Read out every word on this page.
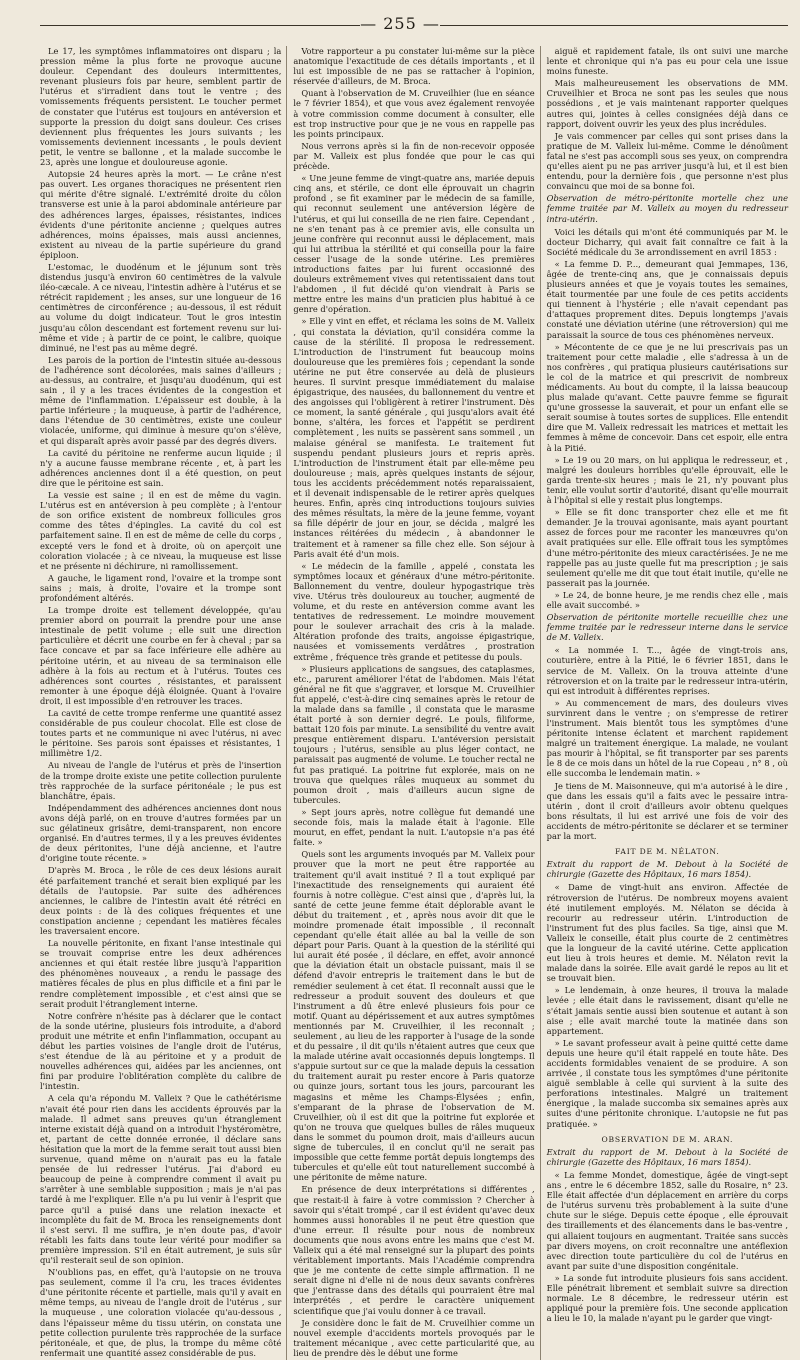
— 255 —

Le 17, les symptômes inflammatoires ont disparu ; la pression même la plus forte ne provoque aucune douleur. Cependant des douleurs intermittentes, revenant plusieurs fois par heure, semblent partir de l'utérus et s'irradient dans tout le ventre ; des vomissements fréquents persistent. Le toucher permet de constater que l'utérus est toujours en antéversion et supporte la pression du doigt sans douleur. Ces crises deviennent plus fréquentes les jours suivants ; les vomissements deviennent incessants , le pouls devient petit, le ventre se ballonne , et la malade succombe le 23, après une longue et douloureuse agonie.

Autopsie 24 heures après la mort. — Le crâne n'est pas ouvert. Les organes thoraciques ne présentent rien qui mérite d'être signalé. L'extrémité droite du côlon transverse est unie à la paroi abdominale antérieure par des adhérences larges, épaisses, résistantes, indices évidents d'une péritonite ancienne ; quelques autres adhérences, moins épaisses, mais aussi anciennes, existent au niveau de la partie supérieure du grand épiploon.

L'estomac, le duodénum et le jéjunum sont très distendus jusqu'à environ 60 centimètres de la valvule iléo-cæcale. A ce niveau, l'intestin adhère à l'utérus et se rétrécit rapidement ; les anses, sur une longueur de 16 centimètres de circonférence ; au-dessous, il est réduit au volume du doigt indicateur. Tout le gros intestin jusqu'au côlon descendant est fortement revenu sur lui-même et vide ; à partir de ce point, le calibre, quoique diminué, ne l'est pas au même degré.

Les parois de la portion de l'intestin située au-dessous de l'adhérence sont décolorées, mais saines d'ailleurs ; au-dessus, au contraire, et jusqu'au duodénum, qui est sain , il y a les traces évidentes de la congestion et même de l'inflammation. L'épaisseur est double, à la partie inférieure ; la muqueuse, à partir de l'adhérence, dans l'étendue de 30 centimètres, existe une couleur violacée, uniforme, qui diminue à mesure qu'on s'élève, et qui disparaît après avoir passé par des degrés divers.

La cavité du péritoine ne renferme aucun liquide ; il n'y a aucune fausse membrane récente , et, à part les adhérences anciennes dont il a été question, on peut dire que le péritoine est sain.

La vessie est saine ; il en est de même du vagin. L'utérus est en antéversion à peu complète ; à l'entour de son orifice existent de nombreux follicules gros comme des têtes d'épingles. La cavité du col est parfaitement saine. Il en est de même de celle du corps , excepté vers le fond et à droite, où on aperçoit une coloration violacée ; à ce niveau, la muqueuse est lisse et ne présente ni déchirure, ni ramollissement.

A gauche, le ligament rond, l'ovaire et la trompe sont sains ; mais, à droite, l'ovaire et la trompe sont profondément altérés.

La trompe droite est tellement développée, qu'au premier abord on pourrait la prendre pour une anse intestinale de petit volume ; elle suit une direction particulière et décrit une courbe en fer à cheval ; par sa face concave et par sa face inférieure elle adhère au péritoine utérin, et au niveau de sa terminaison elle adhère à la fois au rectum et à l'utérus. Toutes ces adhérences sont courtes , résistantes, et paraissent remonter à une époque déjà éloignée. Quant à l'ovaire droit, il est impossible d'en retrouver les traces.

La cavité de cette trompe renferme une quantité assez considérable de pus couleur chocolat. Elle est close de toutes parts et ne communique ni avec l'utérus, ni avec le péritoine. Ses parois sont épaisses et résistantes, 1 millimètre 1/2.

Au niveau de l'angle de l'utérus et près de l'insertion de la trompe droite existe une petite collection purulente très rapprochée de la surface péritonéale ; le pus est blanchâtre, épais.

Indépendamment des adhérences anciennes dont nous avons déjà parlé, on en trouve d'autres formées par un suc gélatineux grisâtre, demi-transparent, non encore organisé. En d'autres termes, il y a les preuves évidentes de deux péritonites, l'une déjà ancienne, et l'autre d'origine toute récente. »

D'après M. Broca , le rôle de ces deux lésions aurait été parfaitement tranché et serait bien expliqué par les détails de l'autopsie. Par suite des adhérences anciennes, le calibre de l'intestin avait été rétréci en deux points : de là des coliques fréquentes et une constipation ancienne ; cependant les matières fécales les traversaient encore.

La nouvelle péritonite, en fixant l'anse intestinale qui se trouvait comprise entre les deux adhérences anciennes et qui était restée libre jusqu'à l'apparition des phénomènes nouveaux , a rendu le passage des matières fécales de plus en plus difficile et a fini par le rendre complètement impossible , et c'est ainsi que se serait produit l'étranglement interne.

Notre confrère n'hésite pas à déclarer que le contact de la sonde utérine, plusieurs fois introduite, a d'abord produit une métrite et enfin l'inflammation, occupant au début les parties voisines de l'angle droit de l'utérus, s'est étendue de là au péritoine et y a produit de nouvelles adhérences qui, aidées par les anciennes, ont fini par produire l'oblitération complète du calibre de l'intestin.

A cela qu'a répondu M. Valleix ? Que le cathétérisme n'avait été pour rien dans les accidents éprouvés par la malade. Il admet sans preuves qu'un étranglement interne existait déjà quand on a introduit l'hystéromètre, et, partant de cette donnée erronée, il déclare sans hésitation que la mort de la femme serait tout aussi bien survenue, quand même on n'aurait pas eu la fatale pensée de lui redresser l'utérus. J'ai d'abord eu beaucoup de peine à comprendre comment il avait pu s'arrêter à une semblable supposition ; mais je n'ai pas tardé à me l'expliquer. Elle n'a pu lui venir à l'esprit que parce qu'il a puisé dans une relation inexacte et incomplète du fait de M. Broca les renseignements dont il s'est servi. Il me suffira, je n'en doute pas, d'avoir rétabli les faits dans toute leur vérité pour modifier sa première impression. S'il en était autrement, je suis sûr qu'il resterait seul de son opinion.

N'oublions pas, en effet, qu'à l'autopsie on ne trouva pas seulement, comme il l'a cru, les traces évidentes d'une péritonite récente et partielle, mais qu'il y avait en même temps, au niveau de l'angle droit de l'utérus , sur la muqueuse , une coloration violacée qu'au-dessous , dans l'épaisseur même du tissu utérin, on constata une petite collection purulente très rapprochée de la surface péritonéale, et que, de plus, la trompe du même côté renfermait une quantité assez considérable de pus.

Votre rapporteur a pu constater lui-même sur la pièce anatomique l'exactitude de ces détails importants , et il lui est impossible de ne pas se rattacher à l'opinion, réservée d'ailleurs, de M. Broca.

Quant à l'observation de M. Cruveilhier (lue en séance le 7 février 1854), et que vous avez également renvoyée à votre commission comme document à consulter, elle est trop instructive pour que je ne vous en rappelle pas les points principaux.

Nous verrons après si la fin de non-recevoir opposée par M. Valleix est plus fondée que pour le cas qui précède.

« Une jeune femme de vingt-quatre ans, mariée depuis cinq ans, et stérile, ce dont elle éprouvait un chagrin profond , se fit examiner par le médecin de sa famille, qui reconnut seulement une antéversion légère de l'utérus, et qui lui conseilla de ne rien faire. Cependant , ne s'en tenant pas à ce premier avis, elle consulta un jeune confrère qui reconnut aussi le déplacement, mais qui lui attribua la stérilité et qui conseilla pour la faire cesser l'usage de la sonde utérine. Les premières introductions faites par lui furent occasionné des douleurs extrêmement vives qui retentissaient dans tout l'abdomen , il fut décidé qu'on viendrait à Paris se mettre entre les mains d'un praticien plus habitué à ce genre d'opération.

» Elle y vint en effet, et réclama les soins de M. Valleix , qui constata la déviation, qu'il considéra comme la cause de la stérilité. Il proposa le redressement. L'introduction de l'instrument fut beaucoup moins douloureuse que les premières fois ; cependant la sonde utérine ne put être conservée au delà de plusieurs heures. Il survint presque immédiatement du malaise épigastrique, des nausées, du ballonnement du ventre et des angoisses qui l'obligèrent à retirer l'instrument. Dès ce moment, la santé générale , qui jusqu'alors avait été bonne, s'altéra, les forces et l'appétit se perdirent complètement , les nuits se passèrent sans sommeil , un malaise général se manifesta. Le traitement fut suspendu pendant plusieurs jours et repris après. L'introduction de l'instrument était par elle-même peu douloureuse ; mais, après quelques instants de séjour, tous les accidents précédemment notés reparaissaient, et il devenait indispensable de le retirer après quelques heures. Enfin, après cinq introductions toujours suivies des mêmes résultats, la mère de la jeune femme, voyant sa fille dépérir de jour en jour, se décida , malgré les instances réitérées du médecin , à abandonner le traitement et à ramener sa fille chez elle. Son séjour à Paris avait été d'un mois.

« Le médecin de la famille , appelé , constata les symptômes locaux et généraux d'une métro-péritonite. Ballonnement du ventre, douleur hypogastrique très vive. Utérus très douloureux au toucher, augmenté de volume, et du reste en antéversion comme avant les tentatives de redressement. Le moindre mouvement pour le soulever arrachait des cris à la malade. Altération profonde des traits, angoisse épigastrique, nausées et vomissements verdâtres , prostration extrême , fréquence très grande et petitesse du pouls.

» Plusieurs applications de sangsues, des cataplasmes, etc., parurent améliorer l'état de l'abdomen. Mais l'état général ne fit que s'aggraver, et lorsque M. Cruveilhier fut appelé, c'est-à-dire cinq semaines après le retour de la malade dans sa famille , il constata que le marasme était porté à son dernier degré. Le pouls, filiforme, battait 120 fois par minute. La sensibilité du ventre avait presque entièrement disparu. L'antéversion persistait toujours ; l'utérus, sensible au plus léger contact, ne paraissait pas augmenté de volume. Le toucher rectal ne fut pas pratiqué. La poitrine fut explorée, mais on ne trouva que quelques râles muqueux au sommet du poumon droit , mais d'ailleurs aucun signe de tubercules.

» Sept jours après, notre collègue fut demandé une seconde fois, mais la malade était à l'agonie. Elle mourut, en effet, pendant la nuit. L'autopsie n'a pas été faite. »

Quels sont les arguments invoqués par M. Valleix pour prouver que la mort ne peut être rapportée au traitement qu'il avait institué ? Il a tout expliqué par l'inexactitude des renseignements qui auraient été fournis à notre collègue. C'est ainsi que , d'après lui, la santé de cette jeune femme était déplorable avant le début du traitement , et , après nous avoir dit que le moindre promenade était impossible , il reconnaît cependant qu'elle était allée au bal la veille de son départ pour Paris. Quant à la question de la stérilité qui lui aurait été posée , il déclare, en effet, avoir annoncé que la déviation était un obstacle puissant, mais il se défend d'avoir entrepris le traitement dans le but de remédier seulement à cet état. Il reconnaît aussi que le redresseur a produit souvent des douleurs et que l'instrument a dû être enlevé plusieurs fois pour ce motif. Quant au dépérissement et aux autres symptômes mentionnés par M. Cruveilhier, il les reconnaît ; seulement , au lieu de les rapporter à l'usage de la sonde et du pessaire , il dit qu'ils n'étaient autres que ceux que la malade utérine avait occasionnés depuis longtemps. Il s'appuie surtout sur ce que la malade depuis la cessation du traitement aurait pu rester encore à Paris quatorze ou quinze jours, sortant tous les jours, parcourant les magasins et même les Champs-Élysées ; enfin, s'emparant de la phrase de l'observation de M. Cruveilhier, où il est dit que la poitrine fut explorée et qu'on ne trouva que quelques bulles de râles muqueux dans le sommet du poumon droit, mais d'ailleurs aucun signe de tubercules, il en conclut qu'il ne serait pas impossible que cette femme portât depuis longtemps des tubercules et qu'elle eût tout naturellement succombé à une péritonite de même nature.

En présence de deux interprétations si différentes , que restait-il à faire à votre commission ? Chercher à savoir qui s'était trompé , car il est évident qu'avec deux hommes aussi honorables il ne peut être question que d'une erreur. Il résulte pour nous de nombreux documents que nous avons entre les mains que c'est M. Valleix qui a été mal renseigné sur la plupart des points véritablement importants. Mais l'Académie comprendra que je me contente de cette simple affirmation. Il ne serait digne ni d'elle ni de nous deux savants confrères que j'entrasse dans des détails qui pourraient être mal interprétés , et perdre le caractère uniquement scientifique que j'ai voulu donner à ce travail.

Je considère donc le fait de M. Cruveilhier comme un nouvel exemple d'accidents mortels provoqués par le traitement mécanique , avec cette particularité que, au lieu de prendre dès le début une forme

aiguë et rapidement fatale, ils ont suivi une marche lente et chronique qui n'a pas eu pour cela une issue moins funeste.

Mais malheureusement les observations de MM. Cruveilhier et Broca ne sont pas les seules que nous possédions , et je vais maintenant rapporter quelques autres qui, jointes à celles consignées déjà dans ce rapport, doivent ouvrir les yeux des plus incrédules.

Je vais commencer par celles qui sont prises dans la pratique de M. Valleix lui-même. Comme le dénoûment fatal ne s'est pas accompli sous ses yeux, on comprendra qu'elles aient pu ne pas arriver jusqu'à lui, et il est bien entendu, pour la dernière fois , que personne n'est plus convaincu que moi de sa bonne foi.

Observation de métro-péritonite mortelle chez une femme traitée par M. Valleix au moyen du redresseur intra-utérin.

Voici les détails qui m'ont été communiqués par M. le docteur Dicharry, qui avait fait connaître ce fait à la Société médicale du 3e arrondissement en avril 1853 :

« La femme D. P..., demeurant quai Jemmapes, 136, âgée de trente-cinq ans, que je connaissais depuis plusieurs années et que je voyais toutes les semaines, était tourmentée par une foule de ces petits accidents qui tiennent à l'hystérie ; elle n'avait cependant pas d'attaques proprement dites. Depuis longtemps j'avais constaté une déviation utérine (une rétroversion) qui me paraissait la source de tous ces phénomènes nerveux.

» Mécontente de ce que je ne lui prescrivais pas un traitement pour cette maladie , elle s'adressa à un de nos confrères , qui pratiqua plusieurs cautérisations sur le col de la matrice et qui prescrivit de nombreux médicaments. Au bout du compte, il la laissa beaucoup plus malade qu'avant. Cette pauvre femme se figurait qu'une grossesse la sauverait, et pour un enfant elle se serait soumise à toutes sortes de supplices. Elle entendit dire que M. Valleix redressait les matrices et mettait les femmes à même de concevoir. Dans cet espoir, elle entra à la Pitié.

» Le 19 ou 20 mars, on lui appliqua le redresseur, et , malgré les douleurs horribles qu'elle éprouvait, elle le garda trente-six heures ; mais le 21, n'y pouvant plus tenir, elle voulut sortir d'autorité, disant qu'elle mourrait à l'hôpital si elle y restait plus longtemps.

» Elle se fit donc transporter chez elle et me fit demander. Je la trouvai agonisante, mais ayant pourtant assez de forces pour me raconter les manœuvres qu'on avait pratiquées sur elle. Elle offrait tous les symptômes d'une métro-péritonite des mieux caractérisées. Je ne me rappelle pas au juste quelle fut ma prescription ; je sais seulement qu'elle me dit que tout était inutile, qu'elle ne passerait pas la journée.

» Le 24, de bonne heure, je me rendis chez elle , mais elle avait succombé. »

Observation de péritonite mortelle recueillie chez une femme traitée par le redresseur interne dans le service de M. Valleix.

« La nommée I. T..., âgée de vingt-trois ans, couturière, entre à la Pitié, le 6 février 1851, dans le service de M. Valleix. On la trouva atteinte d'une rétroversion et on la traite par le redresseur intra-utérin, qui est introduit à différentes reprises.

» Au commencement de mars, des douleurs vives survinrent dans le ventre ; on s'empresse de retirer l'instrument. Mais bientôt tous les symptômes d'une péritonite intense éclatent et marchent rapidement malgré un traitement énergique. La malade, ne voulant pas mourir à l'hôpital, se fit transporter par ses parents le 8 de ce mois dans un hôtel de la rue Copeau , n° 8 , où elle succomba le lendemain matin. »

Je tiens de M. Maisonneuve, qui m'a autorisé à le dire , que dans les essais qu'il a faits avec le pessaire intra-utérin , dont il croit d'ailleurs avoir obtenu quelques bons résultats, il lui est arrivé une fois de voir des accidents de métro-péritonite se déclarer et se terminer par la mort.

FAIT DE M. NÉLATON.

Extrait du rapport de M. Debout à la Société de chirurgie (Gazette des Hôpitaux, 16 mars 1854).

« Dame de vingt-huit ans environ. Affectée de rétroversion de l'utérus. De nombreux moyens avaient été inutilement employés. M. Nélaton se décida à recourir au redresseur utérin. L'introduction de l'instrument fut des plus faciles. Sa tige, ainsi que M. Valleix le conseille, était plus courte de 2 centimètres que la longueur de la cavité utérine. Cette application eut lieu à trois heures et demie. M. Nélaton revit la malade dans la soirée. Elle avait gardé le repos au lit et se trouvait bien.

» Le lendemain, à onze heures, il trouva la malade levée ; elle était dans le ravissement, disant qu'elle ne s'était jamais sentie aussi bien soutenue et autant à son aise ; elle avait marché toute la matinée dans son appartement.

» Le savant professeur avait à peine quitté cette dame depuis une heure qu'il était rappelé en toute hâte. Des accidents formidables venaient de se produire. A son arrivée , il constate tous les symptômes d'une péritonite aiguë semblable à celle qui survient à la suite des perforations intestinales. Malgré un traitement énergique , la malade succomba six semaines après aux suites d'une péritonite chronique. L'autopsie ne fut pas pratiquée. »

OBSERVATION DE M. ARAN.

Extrait du rapport de M. Debout à la Société de chirurgie (Gazette des Hôpitaux, 16 mars 1854).

« La femme Mondet, domestique, âgée de vingt-sept ans , entre le 6 décembre 1852, salle du Rosaire, n° 23. Elle était affectée d'un déplacement en arrière du corps de l'utérus survenu très probablement à la suite d'une chute sur le siége. Depuis cette époque , elle éprouvait des tiraillements et des élancements dans le bas-ventre , qui allaient toujours en augmentant. Traitée sans succès par divers moyens, on croit reconnaître une antéflexion avec direction toute particulière du col de l'utérus en avant par suite d'une disposition congénitale.

» La sonde fut introduite plusieurs fois sans accident. Elle pénétrait librement et semblait suivre sa direction normale. Le 8 décembre, le redresseur utérin est appliqué pour la première fois. Une seconde application a lieu le 10, la malade n'ayant pu le garder que vingt-
